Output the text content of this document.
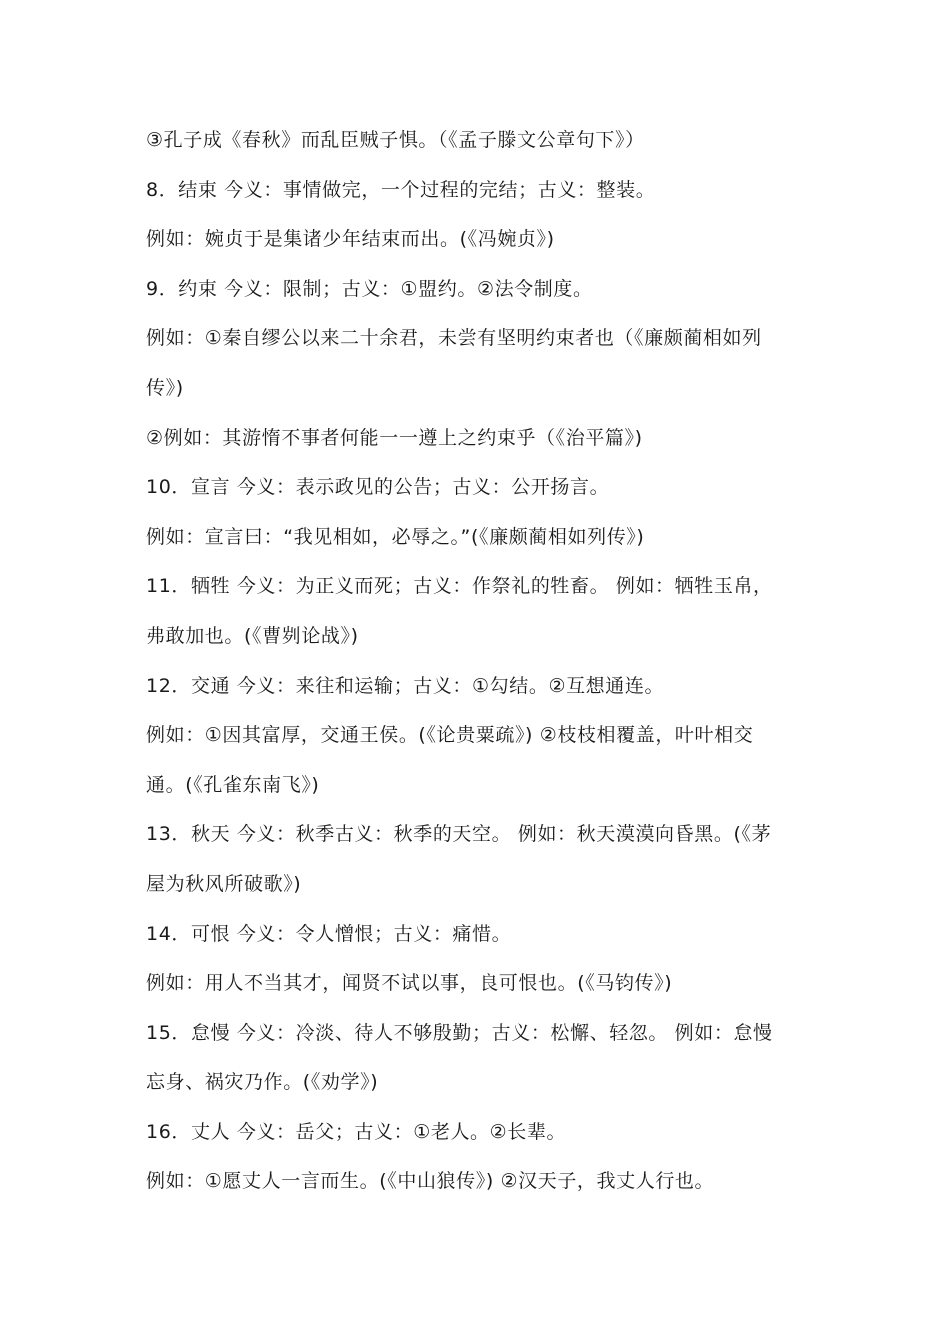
③孔子成《春秋》而乱臣贼子惧。（《孟子滕文公章句下》）
8．结束 今义：事情做完，一个过程的完结；古义：整装。
例如：婉贞于是集诸少年结束而出。(《冯婉贞》)
9．约束 今义：限制；古义：①盟约。②法令制度。
例如：①秦自缪公以来二十余君，未尝有坚明约束者也（《廉颇蔺相如列
传》)
②例如：其游惰不事者何能一一遵上之约束乎（《治平篇》)
10．宣言 今义：表示政见的公告；古义：公开扬言。
例如：宣言曰：“我见相如，必辱之。”(《廉颇蔺相如列传》)
11．牺牲 今义：为正义而死；古义：作祭礼的牲畜。 例如：牺牲玉帛，
弗敢加也。(《曹刿论战》)
12．交通 今义：来往和运输；古义：①勾结。②互想通连。
例如：①因其富厚，交通王侯。(《论贵粟疏》) ②枝枝相覆盖，叶叶相交
通。(《孔雀东南飞》)
13．秋天 今义：秋季古义：秋季的天空。 例如：秋天漠漠向昏黑。(《茅
屋为秋风所破歌》)
14．可恨 今义：令人憎恨；古义：痛惜。
例如：用人不当其才，闻贤不试以事，良可恨也。(《马钧传》)
15．怠慢 今义：冷淡、待人不够殷勤；古义：松懈、轻忽。 例如：怠慢
忘身、祸灾乃作。(《劝学》)
16．丈人 今义：岳父；古义：①老人。②长辈。
例如：①愿丈人一言而生。(《中山狼传》) ②汉天子，我丈人行也。
